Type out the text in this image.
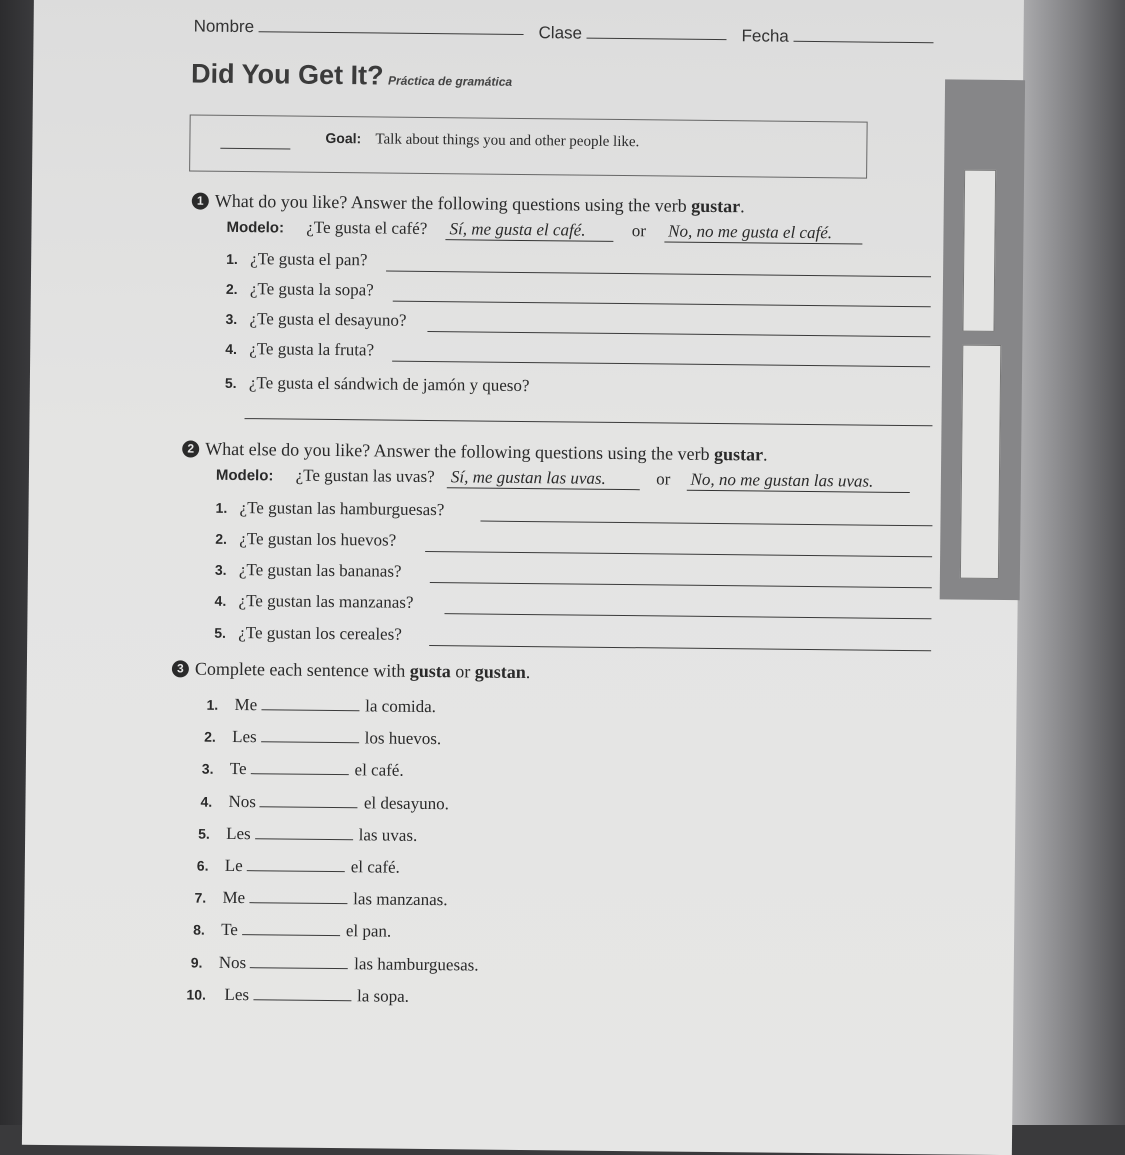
Nombre	Clase	Fecha
Did You Get It? Práctica de gramática
Goal: Talk about things you and other people like.
1 What do you like? Answer the following questions using the verb gustar.
Modelo: ¿Te gusta el café? Sí, me gusta el café.	or No, no me gusta el café.
1. ¿Te gusta el pan?
2. ¿Te gusta la sopa?
3. ¿Te gusta el desayuno?
4. ¿Te gusta la fruta?
5. ¿Te gusta el sándwich de jamón y queso?
2 What else do you like? Answer the following questions using the verb gustar.
Modelo: ¿Te gustan las uvas? Sí, me gustan las uvas.	or No, no me gustan las uvas.
1. ¿Te gustan las hamburguesas?
2. ¿Te gustan los huevos?
3. ¿Te gustan las bananas?
4. ¿Te gustan las manzanas?
5. ¿Te gustan los cereales?
3 Complete each sentence with gusta or gustan.
1. Me	la comida.
2. Les	los huevos.
3. Te	el café.
4. Nos	el desayuno.
5. Les	las uvas.
6. Le	el café.
7. Me	las manzanas.
8. Te	el pan.
9. Nos	las hamburguesas.
10. Les	la sopa.
